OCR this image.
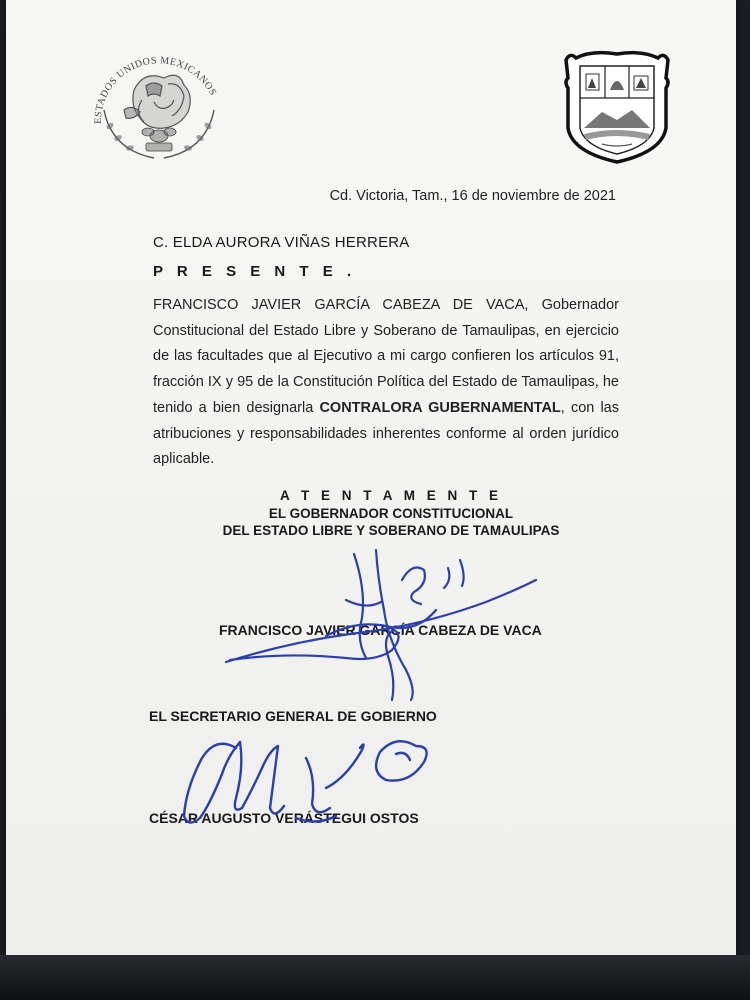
ESTADOS UNIDOS MEXICANOS
Cd. Victoria, Tam., 16 de noviembre de 2021
C. ELDA AURORA VIÑAS HERRERA
P R E S E N T E .
FRANCISCO JAVIER GARCÍA CABEZA DE VACA, Gobernador Constitucional del Estado Libre y Soberano de Tamaulipas, en ejercicio de las facultades que al Ejecutivo a mi cargo confieren los artículos 91, fracción IX y 95 de la Constitución Política del Estado de Tamaulipas, he tenido a bien designarla CONTRALORA GUBERNAMENTAL, con las atribuciones y responsabilidades inherentes conforme al orden jurídico aplicable.
A T E N T A M E N T E
EL GOBERNADOR CONSTITUCIONAL
DEL ESTADO LIBRE Y SOBERANO DE TAMAULIPAS
FRANCISCO JAVIER GARCÍA CABEZA DE VACA
EL SECRETARIO GENERAL DE GOBIERNO
CÉSAR AUGUSTO VERÁSTEGUI OSTOS
